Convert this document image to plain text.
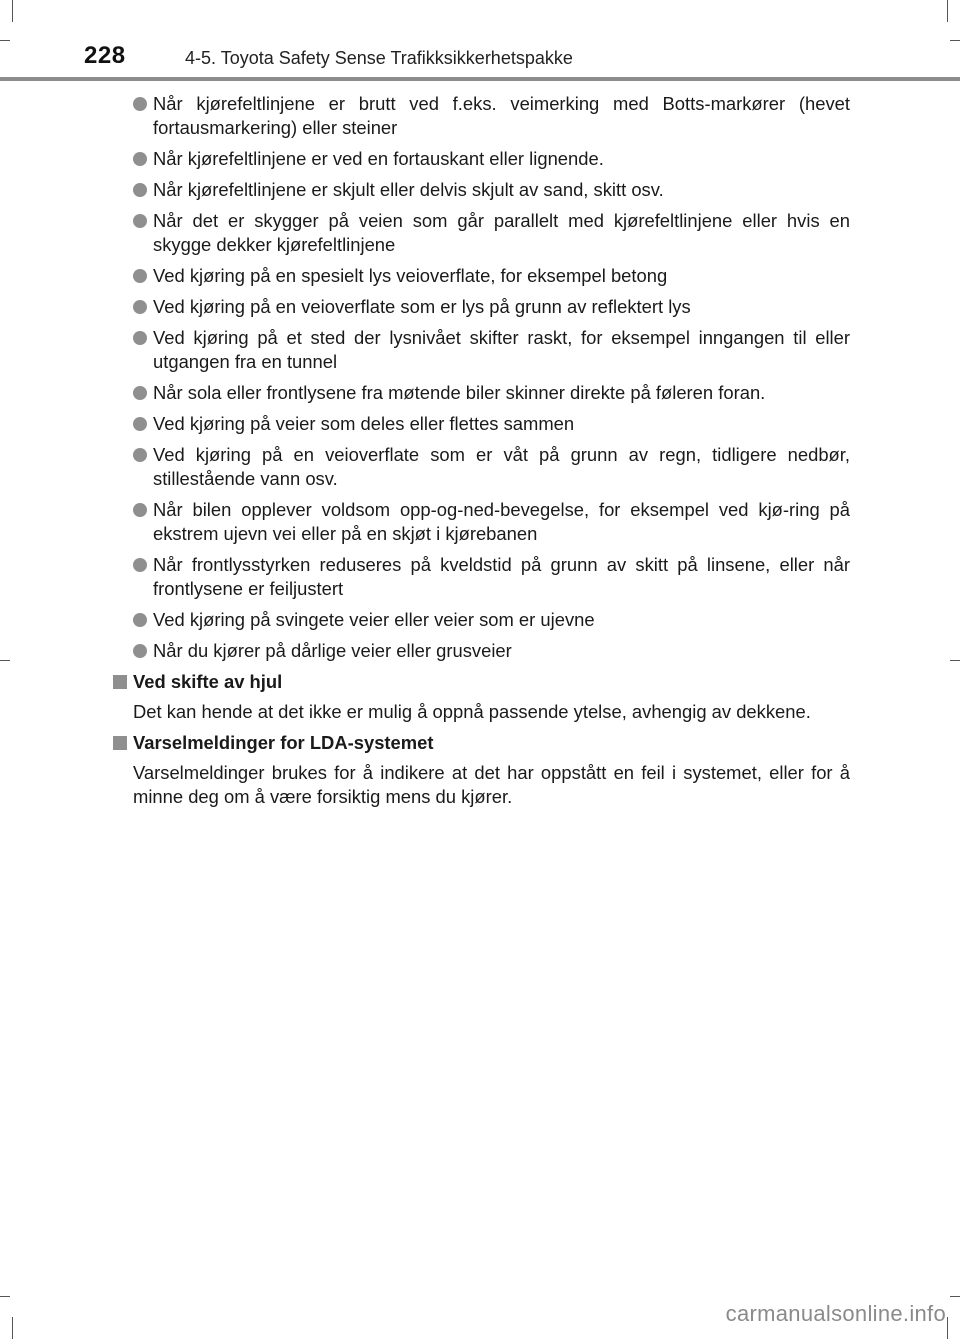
228	4-5. Toyota Safety Sense Trafikksikkerhetspakke
Når kjørefeltlinjene er brutt ved f.eks. veimerking med Botts-markører (hevet fortausmarkering) eller steiner
Når kjørefeltlinjene er ved en fortauskant eller lignende.
Når kjørefeltlinjene er skjult eller delvis skjult av sand, skitt osv.
Når det er skygger på veien som går parallelt med kjørefeltlinjene eller hvis en skygge dekker kjørefeltlinjene
Ved kjøring på en spesielt lys veioverflate, for eksempel betong
Ved kjøring på en veioverflate som er lys på grunn av reflektert lys
Ved kjøring på et sted der lysnivået skifter raskt, for eksempel inngangen til eller utgangen fra en tunnel
Når sola eller frontlysene fra møtende biler skinner direkte på føleren foran.
Ved kjøring på veier som deles eller flettes sammen
Ved kjøring på en veioverflate som er våt på grunn av regn, tidligere nedbør, stillestående vann osv.
Når bilen opplever voldsom opp-og-ned-bevegelse, for eksempel ved kjø-ring på ekstrem ujevn vei eller på en skjøt i kjørebanen
Når frontlysstyrken reduseres på kveldstid på grunn av skitt på linsene, eller når frontlysene er feiljustert
Ved kjøring på svingete veier eller veier som er ujevne
Når du kjører på dårlige veier eller grusveier
Ved skifte av hjul
Det kan hende at det ikke er mulig å oppnå passende ytelse, avhengig av dekkene.
Varselmeldinger for LDA-systemet
Varselmeldinger brukes for å indikere at det har oppstått en feil i systemet, eller for å minne deg om å være forsiktig mens du kjører.
carmanualsonline.info
